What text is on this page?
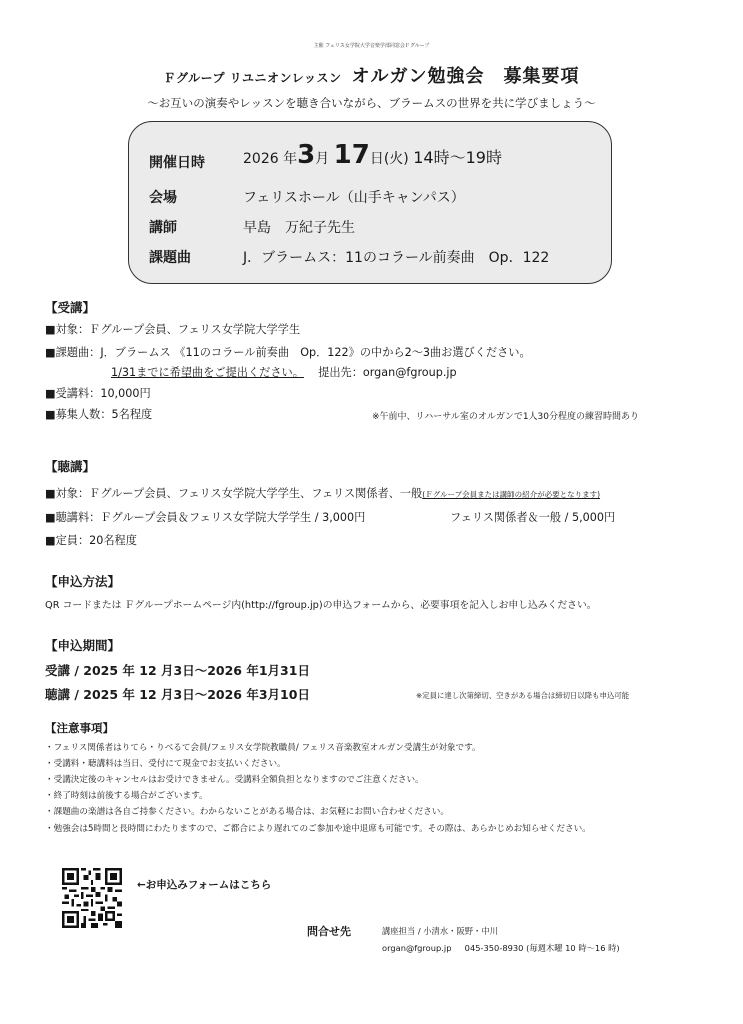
主催 フェリス女学院大学音楽学部同窓会Ｆグループ
Ｆグループ リユニオンレッスン オルガン勉強会　募集要項
～お互いの演奏やレッスンを聴き合いながら、ブラームスの世界を共に学びましょう～
開催日時	2026 年3月 17日(火) 14時～19時
会場	フェリスホール（山手キャンパス）
講師	早島　万紀子先生
課題曲	J．ブラームス：11のコラール前奏曲　Op．122
【受講】
■対象：Ｆグループ会員、フェリス女学院大学学生
■課題曲：J．ブラームス 《11のコラール前奏曲　Op．122》の中から2～3曲お選びください。
1/31までに希望曲をご提出ください。 提出先：organ@fgroup.jp
■受講料：10,000円
■募集人数：5名程度	※午前中、リハーサル室のオルガンで1人30分程度の練習時間あり
【聴講】
■対象：Ｆグループ会員、フェリス女学院大学学生、フェリス関係者、一般(Ｆグループ会員または講師の紹介が必要となります)
■聴講料：Ｆグループ会員＆フェリス女学院大学学生 / 3,000円	フェリス関係者＆一般 / 5,000円
■定員：20名程度
【申込方法】
QR コードまたは Ｆグループホームページ内(http://fgroup.jp)の申込フォームから、必要事項を記入しお申し込みください。
【申込期間】
受講 / 2025 年 12 月3日～2026 年1月31日
聴講 / 2025 年 12 月3日～2026 年3月10日	※定員に達し次第締切、空きがある場合は締切日以降も申込可能
【注意事項】
・フェリス関係者はりてら・りべるて会員/フェリス女学院教職員/ フェリス音楽教室オルガン受講生が対象です。
・受講料・聴講料は当日、受付にて現金でお支払いください。
・受講決定後のキャンセルはお受けできません。受講料全額負担となりますのでご注意ください。
・終了時刻は前後する場合がございます。
・課題曲の楽譜は各自ご持参ください。わからないことがある場合は、お気軽にお問い合わせください。
・勉強会は5時間と長時間にわたりますので、ご都合により遅れてのご参加や途中退席も可能です。その際は、あらかじめお知らせください。
←お申込みフォームはこちら
問合せ先	講座担当 / 小清水・阪野・中川
organ@fgroup.jp 045-350-8930 (毎週木曜 10 時～16 時)
